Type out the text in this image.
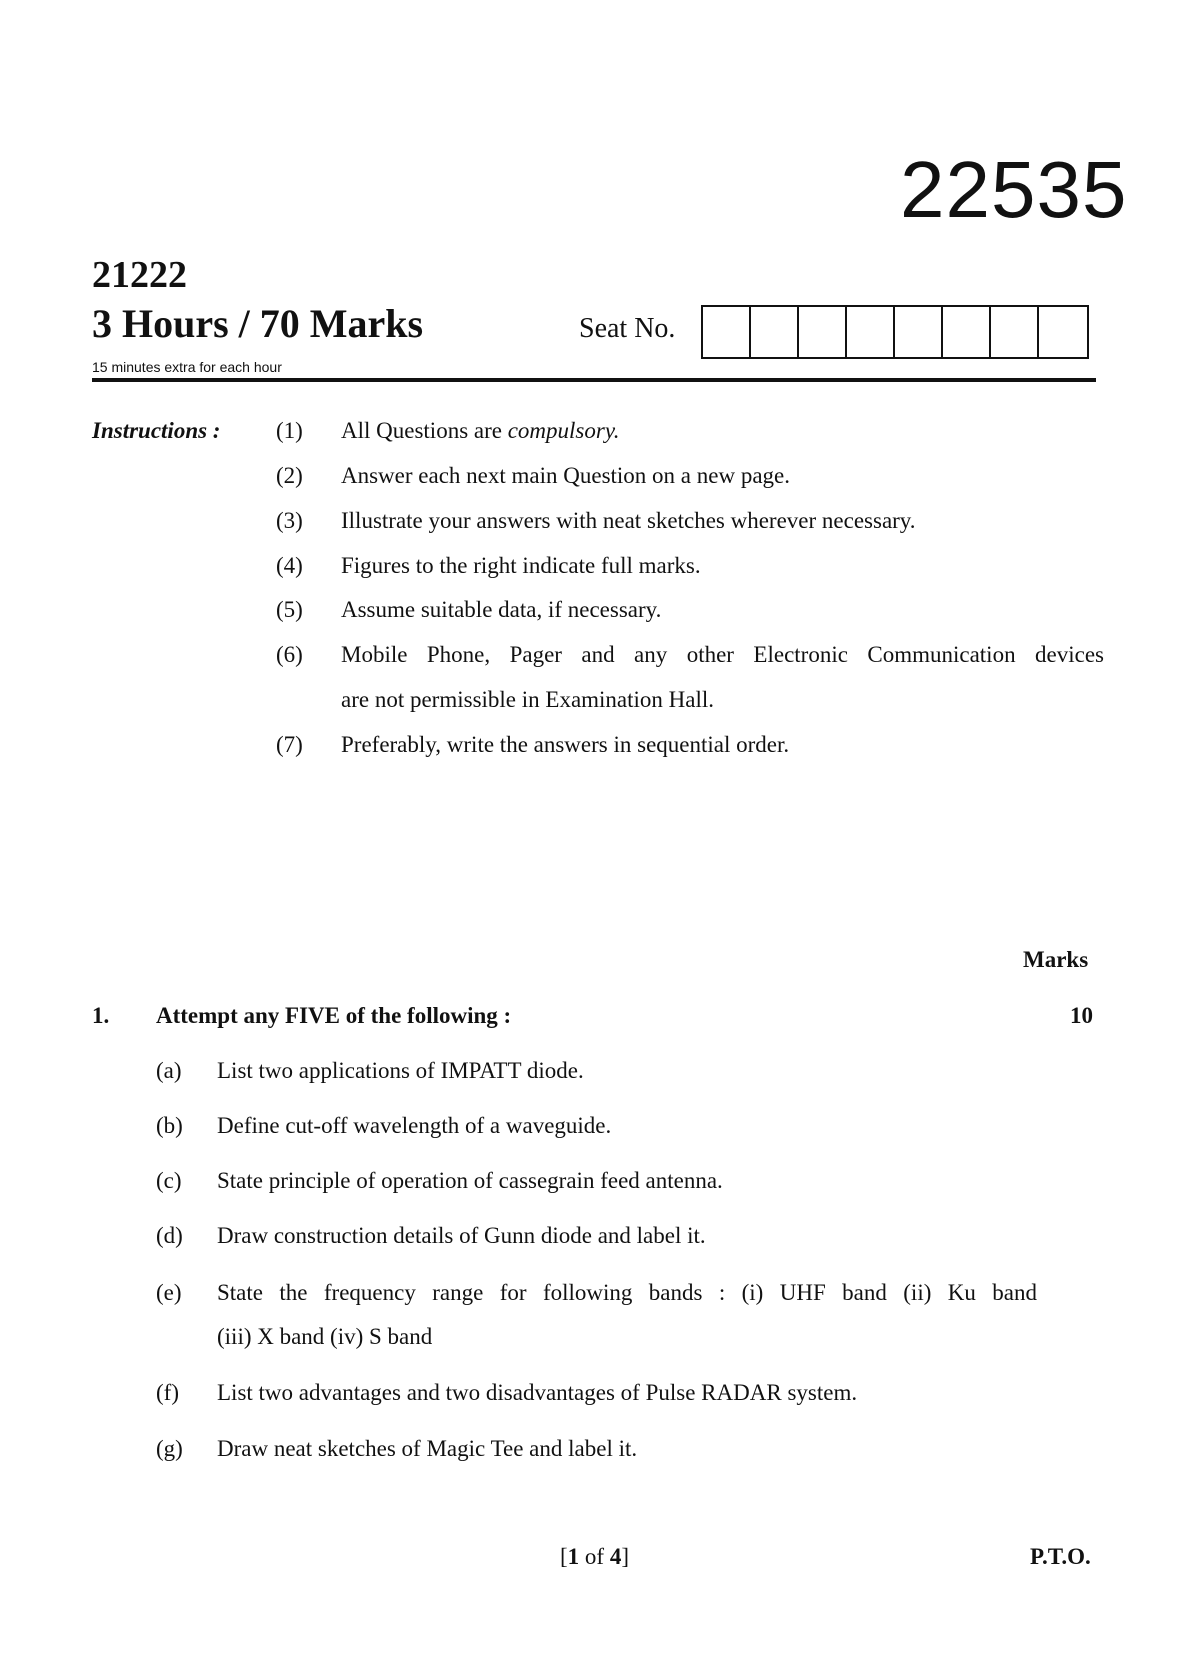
22535
21222
3 Hours / 70 Marks
15 minutes extra for each hour
Seat No.
Instructions : (1) All Questions are compulsory.
(2) Answer each next main Question on a new page.
(3) Illustrate your answers with neat sketches wherever necessary.
(4) Figures to the right indicate full marks.
(5) Assume suitable data, if necessary.
(6) Mobile Phone, Pager and any other Electronic Communication devices
are not permissible in Examination Hall.
(7) Preferably, write the answers in sequential order.
Marks
1. Attempt any FIVE of the following :	10
(a) List two applications of IMPATT diode.
(b) Define cut-off wavelength of a waveguide.
(c) State principle of operation of cassegrain feed antenna.
(d) Draw construction details of Gunn diode and label it.
(e) State the frequency range for following bands : (i) UHF band (ii) Ku band
(iii) X band (iv) S band
(f) List two advantages and two disadvantages of Pulse RADAR system.
(g) Draw neat sketches of Magic Tee and label it.
[1 of 4]	P.T.O.
